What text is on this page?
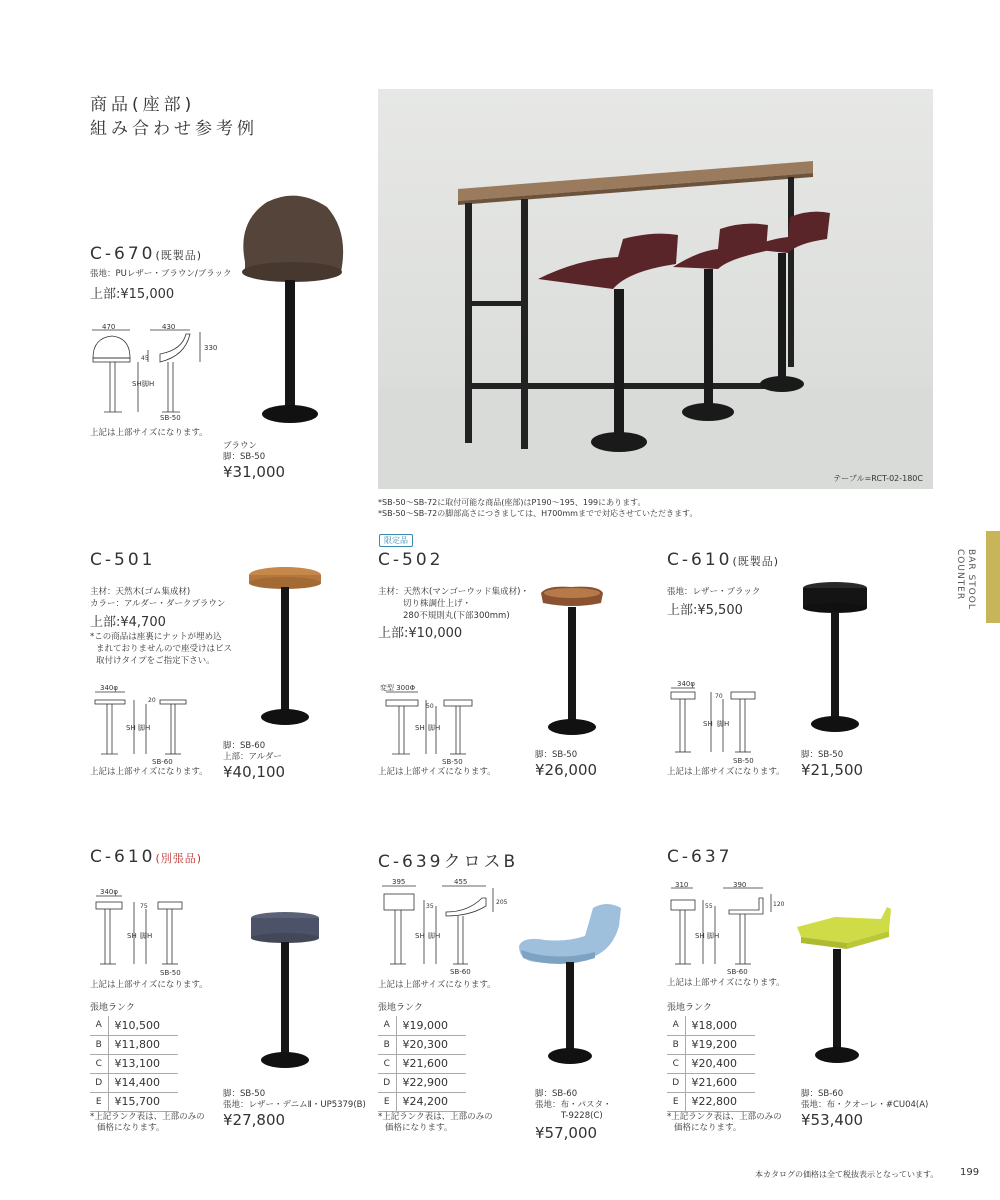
商品(座部)
組み合わせ参考例
テーブル=RCT-02-180C
*SB-50〜SB-72に取付可能な商品(座部)はP190〜195、199にあります。
*SB-50〜SB-72の脚部高さにつきましては、H700mmまでで対応させていただきます。
BAR STOOL
COUNTER
C-670(既製品)
張地：PUレザー・ブラウン/ブラック
上部:¥15,000
470	430
330
45
SH 脚H
SB-50
上記は上部サイズになります。
ブラウン
脚：SB-50
¥31,000
C-501
主材：天然木(ゴム集成材)
カラー：アルダー・ダークブラウン
上部:¥4,700
*この商品は座裏にナットが埋め込
まれておりませんので座受けはビス
取付けタイプをご指定下さい。
340φ
20
SH 脚H
SB-60
上記は上部サイズになります。
脚：SB-60
上部：アルダー
¥40,100
限定品
C-502
主材：天然木(マンゴーウッド集成材)・
切り株調仕上げ・
280不規則丸(下部300mm)
上部:¥10,000
変型 300Φ
50
SH 脚H
SB-50
上記は上部サイズになります。
脚：SB-50
¥26,000
C-610(既製品)
張地：レザー・ブラック
上部:¥5,500
340φ
70
SH 脚H
SB-50
上記は上部サイズになります。
脚：SB-50
¥21,500
C-610(別張品)
340φ
75
SH 脚H
SB-50
上記は上部サイズになります。
張地ランク
A	¥10,500
B	¥11,800
C	¥13,100
D	¥14,400
E	¥15,700
*上記ランク表は、上部のみの
価格になります。
脚：SB-50
張地：レザー・デニムⅡ・UP5379(B)
¥27,800
C-639クロスB
395	455
205
35
SH 脚H
SB-60
上記は上部サイズになります。
張地ランク
A	¥19,000
B	¥20,300
C	¥21,600
D	¥22,900
E	¥24,200
*上記ランク表は、上部のみの
価格になります。
脚：SB-60
張地：布・パスタ・
T-9228(C)
¥57,000
C-637
310	390
120
55
SH 脚H
SB-60
上記は上部サイズになります。
張地ランク
A	¥18,000
B	¥19,200
C	¥20,400
D	¥21,600
E	¥22,800
*上記ランク表は、上部のみの
価格になります。
脚：SB-60
張地：布・クオーレ・#CU04(A)
¥53,400
本カタログの価格は全て税抜表示となっています。 199
